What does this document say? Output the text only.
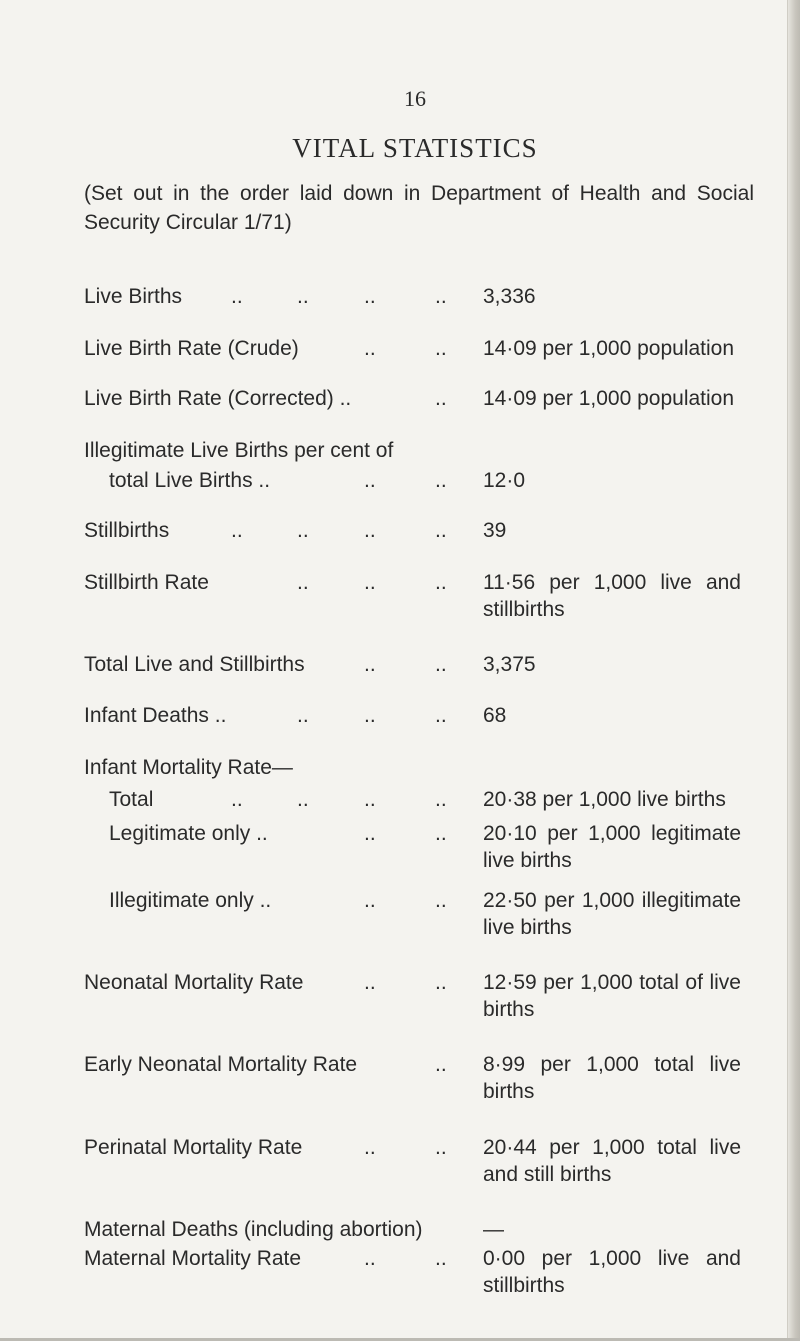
16
VITAL STATISTICS
(Set out in the order laid down in Department of Health and Social Security Circular 1/71)
Live Births ..	..	..	.. 3,336
Live Birth Rate (Crude)	..	.. 14·09 per 1,000 population
Live Birth Rate (Corrected) ..	.. 14·09 per 1,000 population
Illegitimate Live Births per cent of
total Live Births ..	..	.. 12·0
Stillbirths	..	..	..	.. 39
Stillbirth Rate	..	..	.. 11·56 per 1,000 live and stillbirths
Total Live and Stillbirths	..	.. 3,375
Infant Deaths ..	..	..	.. 68
Infant Mortality Rate—
Total	..	..	..	.. 20·38 per 1,000 live births
Legitimate only ..	..	.. 20·10 per 1,000 legitimate live births
Illegitimate only ..	..	.. 22·50 per 1,000 illegitimate live births
Neonatal Mortality Rate	..	.. 12·59 per 1,000 total of live births
Early Neonatal Mortality Rate	.. 8·99 per 1,000 total live births
Perinatal Mortality Rate	..	.. 20·44 per 1,000 total live and still births
Maternal Deaths (including abortion)	—
Maternal Mortality Rate	..	.. 0·00 per 1,000 live and stillbirths
